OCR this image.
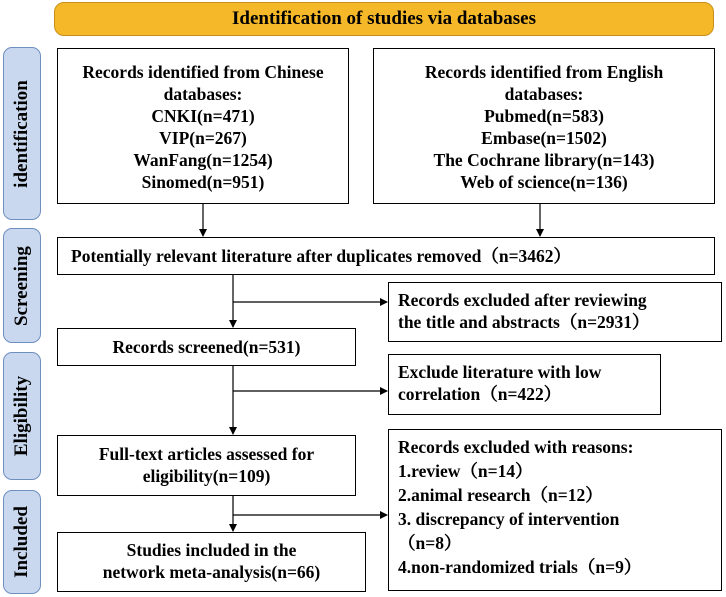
Identification of studies via databases
identification
Screening
Eligibility
Included
Records identified from Chinese
databases:
CNKI(n=471)
VIP(n=267)
WanFang(n=1254)
Sinomed(n=951)
Records identified from English
databases:
Pubmed(n=583)
Embase(n=1502)
The Cochrane library(n=143)
Web of science(n=136)
Potentially relevant literature after duplicates removed（n=3462）
Records excluded after reviewing
the title and abstracts（n=2931）
Records screened(n=531)
Exclude literature with low
correlation（n=422）
Full-text articles assessed for
eligibility(n=109)
Records excluded with reasons:
1.review（n=14）
2.animal research（n=12）
3. discrepancy of intervention
（n=8）
4.non-randomized trials（n=9）
Studies included in the
network meta-analysis(n=66)
